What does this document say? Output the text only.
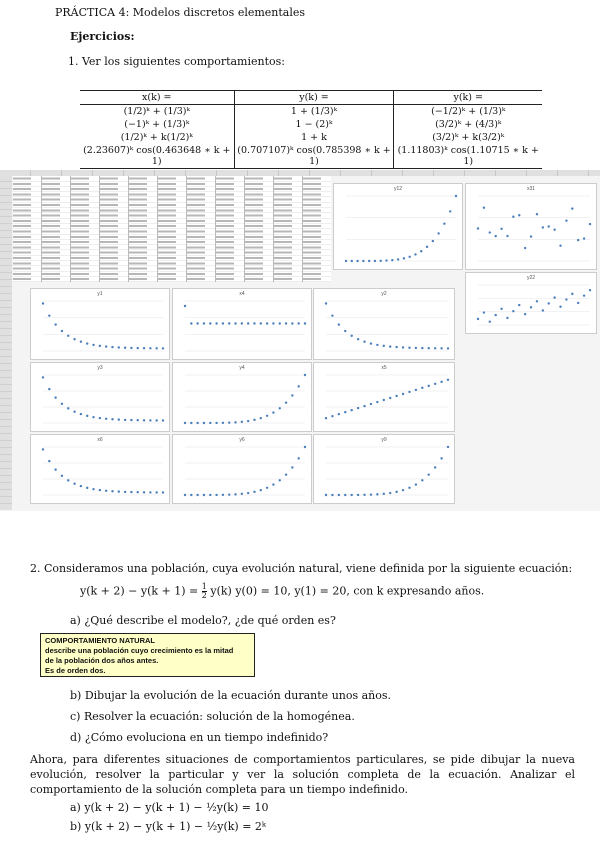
PRÁCTICA 4: Modelos discretos elementales
Ejercicios:
1. Ver los siguientes comportamientos:
x(k) =	y(k) =	y(k) =
(1/2)ᵏ + (1/3)ᵏ	1 + (1/3)ᵏ	(−1/2)ᵏ + (1/3)ᵏ
(−1)ᵏ + (1/3)ᵏ	1 − (2)ᵏ	(3/2)ᵏ + (4/3)ᵏ
(1/2)ᵏ + k(1/2)ᵏ	1 + k	(3/2)ᵏ + k(3/2)ᵏ
(2.23607)ᵏ cos(0.463648 ∗ k + 1)	(0.707107)ᵏ cos(0.785398 ∗ k + 1)	(1.11803)ᵏ cos(1.10715 ∗ k + 1)
y12	x31
y1	x4	y2
y22
y3	y4	x5
x6	y6	y9
2. Consideramos una población, cuya evolución natural, viene definida por la siguiente ecuación:
$y(k + 2) - y(k + 1) = \frac{1}{2} y(k) y(0) = 10$, y(1) = 20, con k expresando años.
a) ¿Qué describe el modelo?, ¿de qué orden es?
COMPORTAMIENTO NATURAL
describe una población cuyo crecimiento es la mitad
de la población dos años antes.
Es de orden dos.
b) Dibujar la evolución de la ecuación durante unos años.
c) Resolver la ecuación: solución de la homogénea.
d) ¿Cómo evoluciona en un tiempo indefinido?
Ahora, para diferentes situaciones de comportamientos particulares, se pide dibujar la nueva evolución, resolver la particular y ver la solución completa de la ecuación. Analizar el comportamiento de la solución completa para un tiempo indefinido.
a) y(k + 2) − y(k + 1) − ½y(k) = 10
b) y(k + 2) − y(k + 1) − ½y(k) = 2ᵏ
